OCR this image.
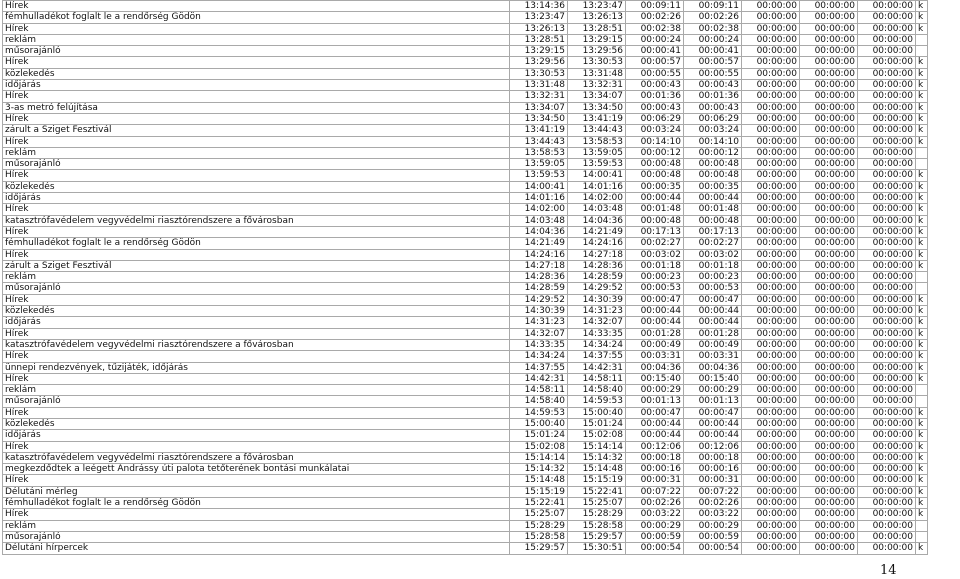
Hírek	13:14:36	13:23:47	00:09:11	00:09:11	00:00:00	00:00:00	00:00:00	k
fémhulladékot foglalt le a rendőrség Gödön	13:23:47	13:26:13	00:02:26	00:02:26	00:00:00	00:00:00	00:00:00	k
Hírek	13:26:13	13:28:51	00:02:38	00:02:38	00:00:00	00:00:00	00:00:00	k
reklám	13:28:51	13:29:15	00:00:24	00:00:24	00:00:00	00:00:00	00:00:00	
műsorajánló	13:29:15	13:29:56	00:00:41	00:00:41	00:00:00	00:00:00	00:00:00	
Hírek	13:29:56	13:30:53	00:00:57	00:00:57	00:00:00	00:00:00	00:00:00	k
közlekedés	13:30:53	13:31:48	00:00:55	00:00:55	00:00:00	00:00:00	00:00:00	k
időjárás	13:31:48	13:32:31	00:00:43	00:00:43	00:00:00	00:00:00	00:00:00	k
Hírek	13:32:31	13:34:07	00:01:36	00:01:36	00:00:00	00:00:00	00:00:00	k
3-as metró felújítása	13:34:07	13:34:50	00:00:43	00:00:43	00:00:00	00:00:00	00:00:00	k
Hírek	13:34:50	13:41:19	00:06:29	00:06:29	00:00:00	00:00:00	00:00:00	k
zárult a Sziget Fesztivál	13:41:19	13:44:43	00:03:24	00:03:24	00:00:00	00:00:00	00:00:00	k
Hírek	13:44:43	13:58:53	00:14:10	00:14:10	00:00:00	00:00:00	00:00:00	k
reklám	13:58:53	13:59:05	00:00:12	00:00:12	00:00:00	00:00:00	00:00:00	
műsorajánló	13:59:05	13:59:53	00:00:48	00:00:48	00:00:00	00:00:00	00:00:00	
Hírek	13:59:53	14:00:41	00:00:48	00:00:48	00:00:00	00:00:00	00:00:00	k
közlekedés	14:00:41	14:01:16	00:00:35	00:00:35	00:00:00	00:00:00	00:00:00	k
időjárás	14:01:16	14:02:00	00:00:44	00:00:44	00:00:00	00:00:00	00:00:00	k
Hírek	14:02:00	14:03:48	00:01:48	00:01:48	00:00:00	00:00:00	00:00:00	k
katasztrófavédelem vegyvédelmi riasztórendszere a fővárosban	14:03:48	14:04:36	00:00:48	00:00:48	00:00:00	00:00:00	00:00:00	k
Hírek	14:04:36	14:21:49	00:17:13	00:17:13	00:00:00	00:00:00	00:00:00	k
fémhulladékot foglalt le a rendőrség Gödön	14:21:49	14:24:16	00:02:27	00:02:27	00:00:00	00:00:00	00:00:00	k
Hírek	14:24:16	14:27:18	00:03:02	00:03:02	00:00:00	00:00:00	00:00:00	k
zárult a Sziget Fesztivál	14:27:18	14:28:36	00:01:18	00:01:18	00:00:00	00:00:00	00:00:00	k
reklám	14:28:36	14:28:59	00:00:23	00:00:23	00:00:00	00:00:00	00:00:00	
műsorajánló	14:28:59	14:29:52	00:00:53	00:00:53	00:00:00	00:00:00	00:00:00	
Hírek	14:29:52	14:30:39	00:00:47	00:00:47	00:00:00	00:00:00	00:00:00	k
közlekedés	14:30:39	14:31:23	00:00:44	00:00:44	00:00:00	00:00:00	00:00:00	k
időjárás	14:31:23	14:32:07	00:00:44	00:00:44	00:00:00	00:00:00	00:00:00	k
Hírek	14:32:07	14:33:35	00:01:28	00:01:28	00:00:00	00:00:00	00:00:00	k
katasztrófavédelem vegyvédelmi riasztórendszere a fővárosban	14:33:35	14:34:24	00:00:49	00:00:49	00:00:00	00:00:00	00:00:00	k
Hírek	14:34:24	14:37:55	00:03:31	00:03:31	00:00:00	00:00:00	00:00:00	k
ünnepi rendezvények, tűzijáték, időjárás	14:37:55	14:42:31	00:04:36	00:04:36	00:00:00	00:00:00	00:00:00	k
Hírek	14:42:31	14:58:11	00:15:40	00:15:40	00:00:00	00:00:00	00:00:00	k
reklám	14:58:11	14:58:40	00:00:29	00:00:29	00:00:00	00:00:00	00:00:00	
műsorajánló	14:58:40	14:59:53	00:01:13	00:01:13	00:00:00	00:00:00	00:00:00	
Hírek	14:59:53	15:00:40	00:00:47	00:00:47	00:00:00	00:00:00	00:00:00	k
közlekedés	15:00:40	15:01:24	00:00:44	00:00:44	00:00:00	00:00:00	00:00:00	k
időjárás	15:01:24	15:02:08	00:00:44	00:00:44	00:00:00	00:00:00	00:00:00	k
Hírek	15:02:08	15:14:14	00:12:06	00:12:06	00:00:00	00:00:00	00:00:00	k
katasztrófavédelem vegyvédelmi riasztórendszere a fővárosban	15:14:14	15:14:32	00:00:18	00:00:18	00:00:00	00:00:00	00:00:00	k
megkezdődtek a leégett Andrássy úti palota tetőterének bontási munkálatai	15:14:32	15:14:48	00:00:16	00:00:16	00:00:00	00:00:00	00:00:00	k
Hírek	15:14:48	15:15:19	00:00:31	00:00:31	00:00:00	00:00:00	00:00:00	k
Délutáni mérleg	15:15:19	15:22:41	00:07:22	00:07:22	00:00:00	00:00:00	00:00:00	k
fémhulladékot foglalt le a rendőrség Gödön	15:22:41	15:25:07	00:02:26	00:02:26	00:00:00	00:00:00	00:00:00	k
Hírek	15:25:07	15:28:29	00:03:22	00:03:22	00:00:00	00:00:00	00:00:00	k
reklám	15:28:29	15:28:58	00:00:29	00:00:29	00:00:00	00:00:00	00:00:00	
műsorajánló	15:28:58	15:29:57	00:00:59	00:00:59	00:00:00	00:00:00	00:00:00	
Délutáni hírpercek	15:29:57	15:30:51	00:00:54	00:00:54	00:00:00	00:00:00	00:00:00	k
14
